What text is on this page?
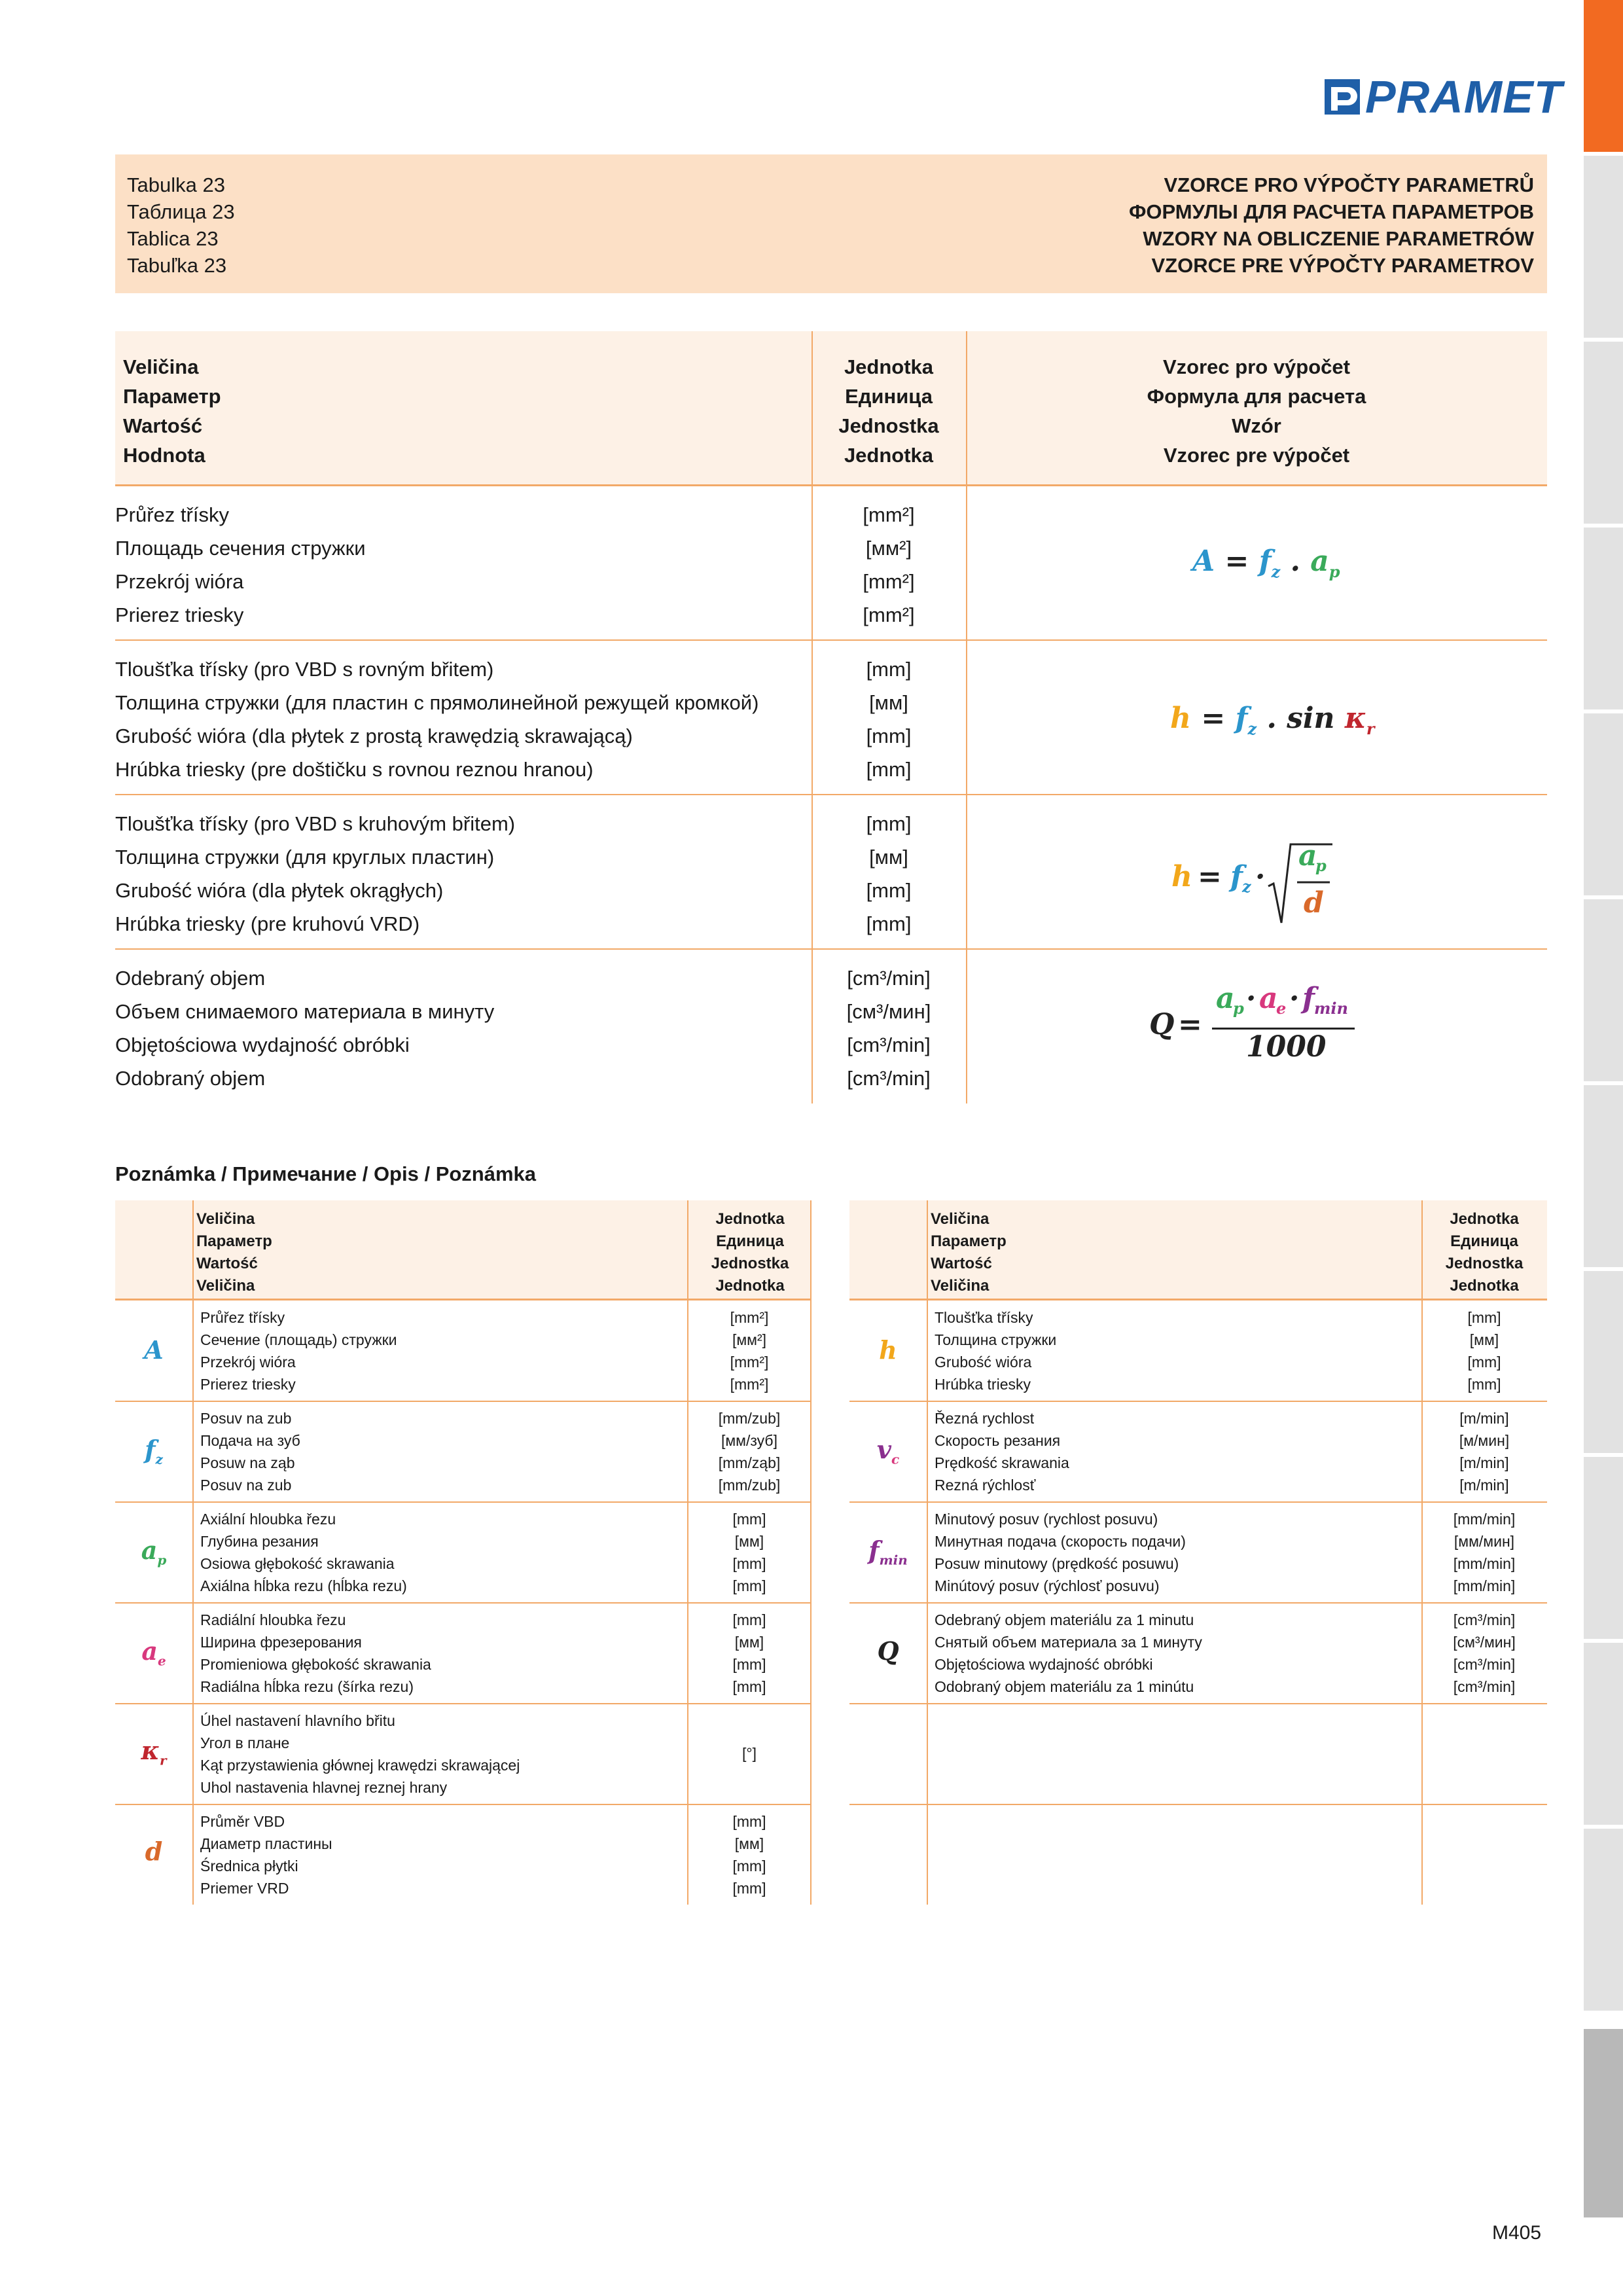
PRAMET
Tabulka 23
Таблица 23
Tablica 23
Tabuľka 23
VZORCE PRO VÝPOČTY PARAMETRŮ
ФОРМУЛЫ ДЛЯ РАСЧЕТА ПАРАМЕТРОВ
WZORY NA OBLICZENIE PARAMETRÓW
VZORCE PRE VÝPOČTY PARAMETROV
Veličina
Параметр
Wartość
Hodnota
Jednotka
Единица
Jednostka
Jednotka
Vzorec pro výpočet
Формула для расчета
Wzór
Vzorec pre výpočet
Průřez třísky
Площадь сечения стружки
Przekrój wióra
Prierez triesky
[mm²]
[мм²]
[mm²]
[mm²]
$A = f_z$ . $a_p$
Tloušťka třísky (pro VBD s rovným břitem)
Толщина стружки (для пластин с прямолинейной режущей кромкой)
Grubość wióra (dla płytek z prostą krawędzią skrawającą)
Hrúbka triesky (pre doštičku s rovnou reznou hranou)
[mm]
[мм]
[mm]
[mm]
$h = f_z$ . $\sin \kappa_r$
Tloušťka třísky (pro VBD s kruhovým břitem)
Толщина стружки (для круглых пластин)
Grubość wióra (dla płytek okrągłych)
Hrúbka triesky (pre kruhovú VRD)
[mm]
[мм]
[mm]
[mm]
h = f z ·
a
p
d
Odebraný objem
Объем снимаемого материала в минуту
Objętościowa wydajność obróbki
Odobraný objem
[cm³/min]
[см³/мин]
[cm³/min]
[cm³/min]
Q =
a
p · a
e · f min
1000
Poznámka / Примечание / Opis / Poznámka
Veličina
Параметр
Wartość
Veličina
Jednotka
Единица
Jednostka
Jednotka
A
Průřez třísky
Сечение (площадь) стружки
Przekrój wióra
Prierez triesky
[mm²]
[мм²]
[mm²]
[mm²]
$f_z$
Posuv na zub
Подача на зуб
Posuw na ząb
Posuv na zub
[mm/zub]
[мм/зуб]
[mm/ząb]
[mm/zub]
$a_p$
Axiální hloubka řezu
Глубина резания
Osiowa głębokość skrawania
Axiálna hĺbka rezu (hĺbka rezu)
[mm]
[мм]
[mm]
[mm]
$a_e$
Radiální hloubka řezu
Ширина фрезерования
Promieniowa głębokość skrawania
Radiálna hĺbka rezu (šírka rezu)
[mm]
[мм]
[mm]
[mm]
$\kappa_r$
Úhel nastavení hlavního břitu
Угол в плане
Kąt przystawienia głównej krawędzi skrawającej
Uhol nastavenia hlavnej reznej hrany
[°]
d
Průměr VBD
Диаметр пластины
Średnica płytki
Priemer VRD
[mm]
[мм]
[mm]
[mm]
Veličina
Параметр
Wartość
Veličina
Jednotka
Единица
Jednostka
Jednotka
h
Tloušťka třísky
Толщина стружки
Grubość wióra
Hrúbka triesky
[mm]
[мм]
[mm]
[mm]
$v_c$
Řezná rychlost
Скорость резания
Prędkość skrawania
Rezná rýchlosť
[m/min]
[м/мин]
[m/min]
[m/min]
$f_{min}$
Minutový posuv (rychlost posuvu)
Минутная подача (скорость подачи)
Posuw minutowy (prędkość posuwu)
Minútový posuv (rýchlosť posuvu)
[mm/min]
[мм/мин]
[mm/min]
[mm/min]
Q
Odebraný objem materiálu za 1 minutu
Снятый объем материала за 1 минуту
Objętościowa wydajność obróbki
Odobraný objem materiálu za 1 minútu
[cm³/min]
[см³/мин]
[cm³/min]
[cm³/min]
M405
